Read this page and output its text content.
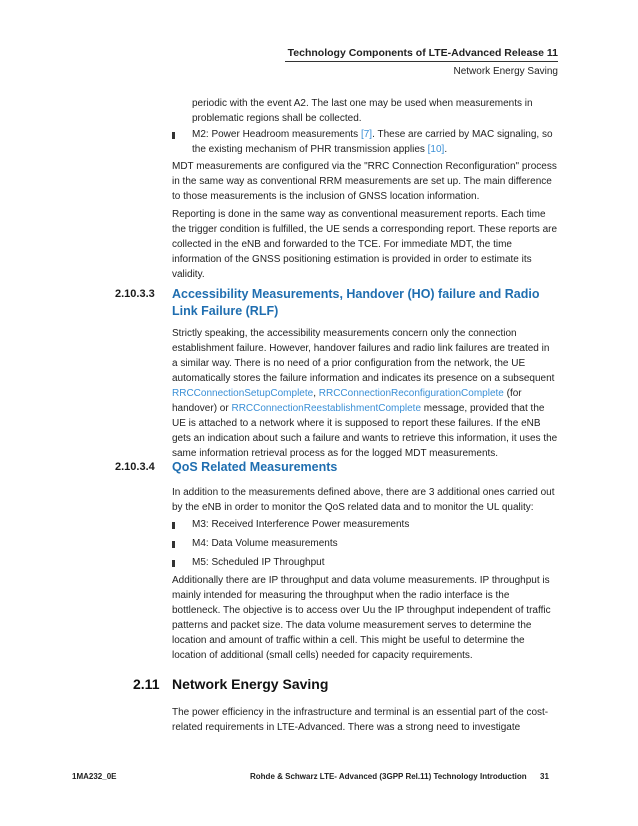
Technology Components of LTE-Advanced Release 11
Network Energy Saving

periodic with the event A2. The last one may be used when measurements in

problematic regions shall be collected.

M2: Power Headroom measurements [7]. These are carried by MAC signaling, so
the existing mechanism of PHR transmission applies [10].

MDT measurements are configured via the "RRC Connection Reconfiguration" process

in the same way as conventional RRM measurements are set up. The main difference

to those measurements is the inclusion of GNSS location information.

Reporting is done in the same way as conventional measurement reports. Each time

the trigger condition is fulfilled, the UE sends a corresponding report. These reports are

collected in the eNB and forwarded to the TCE. For immediate MDT, the time

information of the GNSS positioning estimation is provided in order to estimate its

validity.

2.10.3.3 Accessibility Measurements, Handover (HO) failure and Radio Link Failure (RLF)

Strictly speaking, the accessibility measurements concern only the connection

establishment failure. However, handover failures and radio link failures are treated in

a similar way. There is no need of a prior configuration from the network, the UE

automatically stores the failure information and indicates its presence on a subsequent

RRCConnectionSetupComplete, RRCConnectionReconfigurationComplete (for

handover) or RRCConnectionReestablishmentComplete message, provided that the

UE is attached to a network where it is supposed to report these failures. If the eNB

gets an indication about such a failure and wants to retrieve this information, it uses the

same information retrieval process as for the logged MDT measurements.

2.10.3.4 QoS Related Measurements

In addition to the measurements defined above, there are 3 additional ones carried out

by the eNB in order to monitor the QoS related data and to monitor the UL quality:

M3: Received Interference Power measurements
M4: Data Volume measurements
M5: Scheduled IP Throughput

Additionally there are IP throughput and data volume measurements. IP throughput is

mainly intended for measuring the throughput when the radio interface is the

bottleneck. The objective is to access over Uu the IP throughput independent of traffic

patterns and packet size. The data volume measurement serves to determine the

location and amount of traffic within a cell. This might be useful to determine the

location of additional (small cells) needed for capacity requirements.

2.11 Network Energy Saving

The power efficiency in the infrastructure and terminal is an essential part of the cost-

related requirements in LTE-Advanced. There was a strong need to investigate

1MA232_0E	Rohde & Schwarz LTE- Advanced (3GPP Rel.11) Technology Introduction 31
